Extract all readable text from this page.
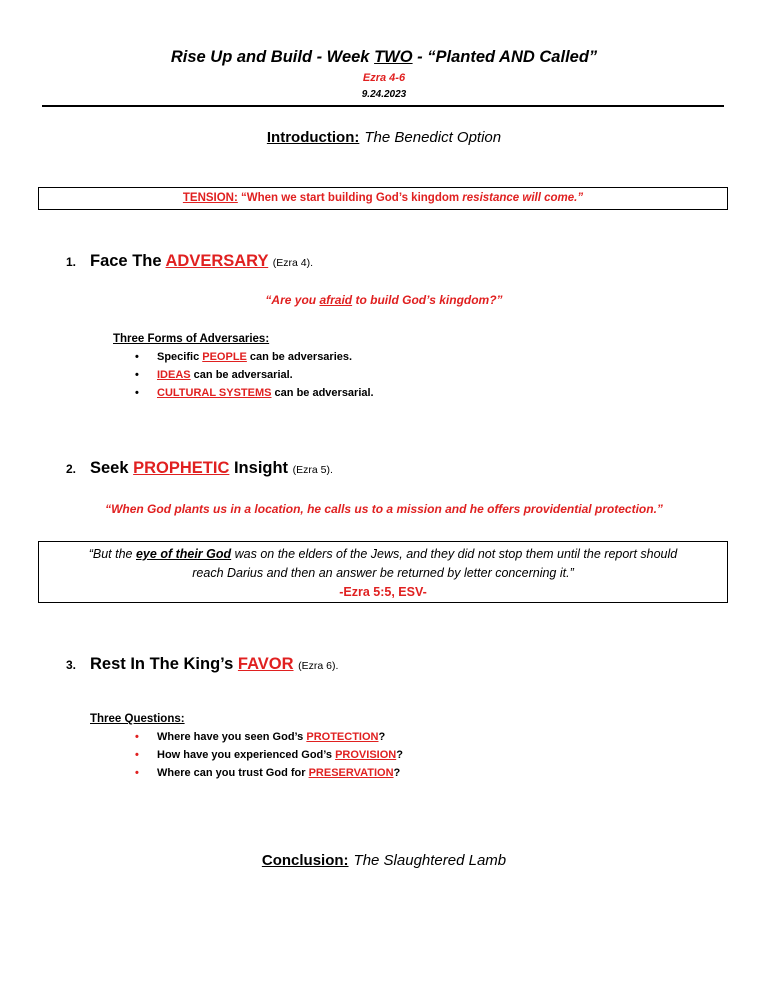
Rise Up and Build - Week TWO - “Planted AND Called”
Ezra 4-6
9.24.2023
Introduction: The Benedict Option
TENSION: “When we start building God’s kingdom resistance will come.”
1. Face The ADVERSARY (Ezra 4).
“Are you afraid to build God’s kingdom?”
Three Forms of Adversaries:
• Specific PEOPLE can be adversaries.
• IDEAS can be adversarial.
• CULTURAL SYSTEMS can be adversarial.
2. Seek PROPHETIC Insight (Ezra 5).
“When God plants us in a location, he calls us to a mission and he offers providential protection.”
“But the eye of their God was on the elders of the Jews, and they did not stop them until the report should
reach Darius and then an answer be returned by letter concerning it.”
-Ezra 5:5, ESV-
3. Rest In The King’s FAVOR (Ezra 6).
Three Questions:
• Where have you seen God’s PROTECTION?
• How have you experienced God’s PROVISION?
• Where can you trust God for PRESERVATION?
Conclusion: The Slaughtered Lamb
